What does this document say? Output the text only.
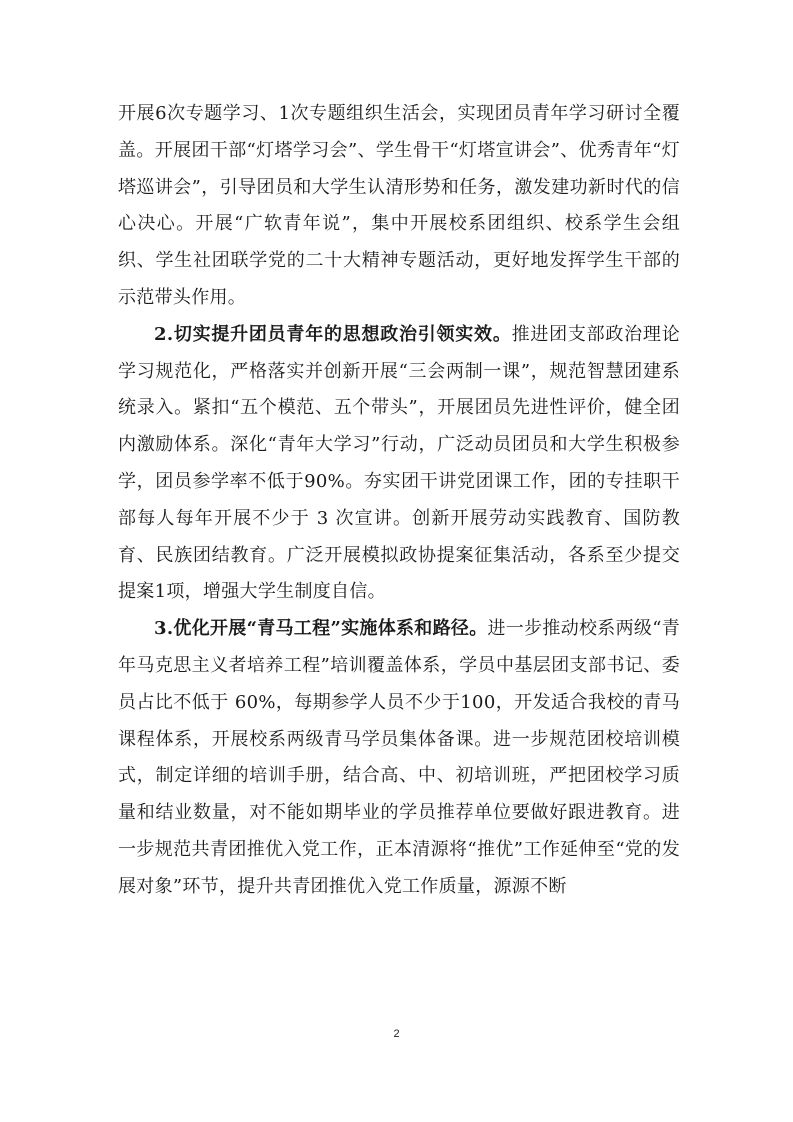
开展6次专题学习、1次专题组织生活会，实现团员青年学习研讨全覆盖。开展团干部“灯塔学习会”、学生骨干“灯塔宣讲会”、优秀青年“灯塔巡讲会”，引导团员和大学生认清形势和任务，激发建功新时代的信心决心。开展“广软青年说”，集中开展校系团组织、校系学生会组织、学生社团联学党的二十大精神专题活动，更好地发挥学生干部的示范带头作用。

2.切实提升团员青年的思想政治引领实效。推进团支部政治理论学习规范化，严格落实并创新开展“三会两制一课”，规范智慧团建系统录入。紧扣“五个模范、五个带头”，开展团员先进性评价，健全团内激励体系。深化“青年大学习”行动，广泛动员团员和大学生积极参学，团员参学率不低于90%。夯实团干讲党团课工作，团的专挂职干部每人每年开展不少于 3 次宣讲。创新开展劳动实践教育、国防教育、民族团结教育。广泛开展模拟政协提案征集活动，各系至少提交提案1项，增强大学生制度自信。

3.优化开展“青马工程”实施体系和路径。进一步推动校系两级“青年马克思主义者培养工程”培训覆盖体系，学员中基层团支部书记、委员占比不低于 60%，每期参学人员不少于100，开发适合我校的青马课程体系，开展校系两级青马学员集体备课。进一步规范团校培训模式，制定详细的培训手册，结合高、中、初培训班，严把团校学习质量和结业数量，对不能如期毕业的学员推荐单位要做好跟进教育。进一步规范共青团推优入党工作，正本清源将“推优”工作延伸至“党的发展对象”环节，提升共青团推优入党工作质量，源源不断

2
